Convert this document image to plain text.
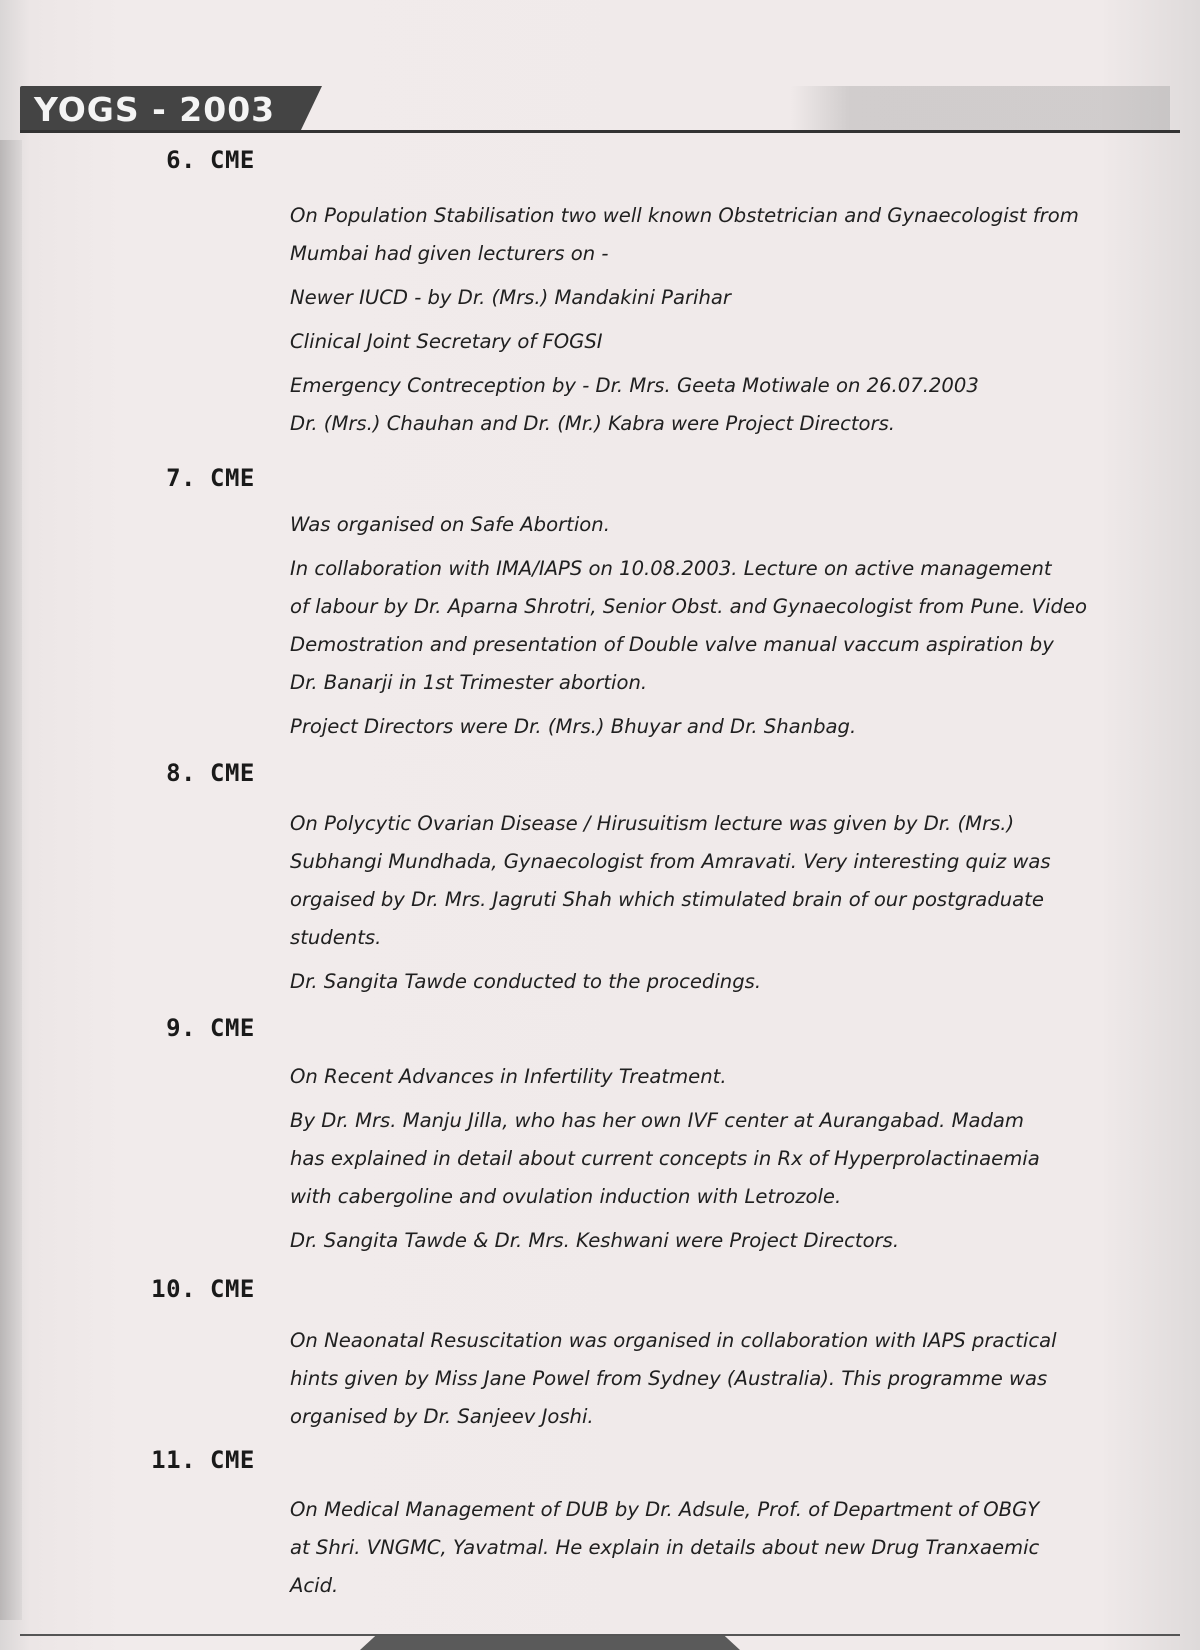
YOGS - 2003
6. CME
On Population Stabilisation two well known Obstetrician and Gynaecologist from
Mumbai had given lecturers on -
Newer IUCD - by Dr. (Mrs.) Mandakini Parihar
Clinical Joint Secretary of FOGSI
Emergency Contreception by - Dr. Mrs. Geeta Motiwale on 26.07.2003
Dr. (Mrs.) Chauhan and Dr. (Mr.) Kabra were Project Directors.
7. CME
Was organised on Safe Abortion.
In collaboration with IMA/IAPS on 10.08.2003. Lecture on active management
of labour by Dr. Aparna Shrotri, Senior Obst. and Gynaecologist from Pune. Video
Demostration and presentation of Double valve manual vaccum aspiration by
Dr. Banarji in 1st Trimester abortion.
Project Directors were Dr. (Mrs.) Bhuyar and Dr. Shanbag.
8. CME
On Polycytic Ovarian Disease / Hirusuitism lecture was given by Dr. (Mrs.)
Subhangi Mundhada, Gynaecologist from Amravati. Very interesting quiz was
orgaised by Dr. Mrs. Jagruti Shah which stimulated brain of our postgraduate
students.
Dr. Sangita Tawde conducted to the procedings.
9. CME
On Recent Advances in Infertility Treatment.
By Dr. Mrs. Manju Jilla, who has her own IVF center at Aurangabad. Madam
has explained in detail about current concepts in Rx of Hyperprolactinaemia
with cabergoline and ovulation induction with Letrozole.
Dr. Sangita Tawde & Dr. Mrs. Keshwani were Project Directors.
10. CME
On Neaonatal Resuscitation was organised in collaboration with IAPS practical
hints given by Miss Jane Powel from Sydney (Australia). This programme was
organised by Dr. Sanjeev Joshi.
11. CME
On Medical Management of DUB by Dr. Adsule, Prof. of Department of OBGY
at Shri. VNGMC, Yavatmal. He explain in details about new Drug Tranxaemic
Acid.
